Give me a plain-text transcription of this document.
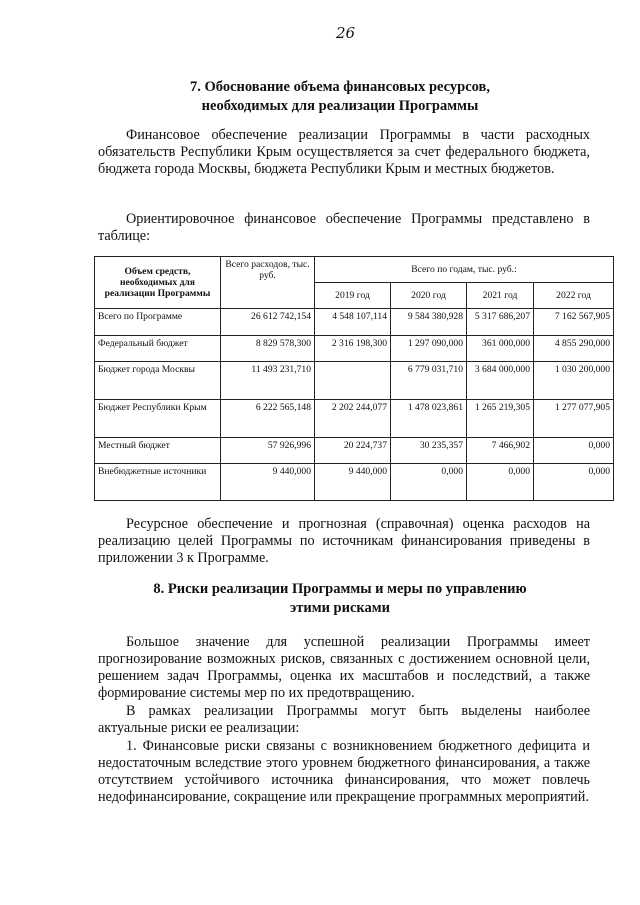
26
7. Обоснование объема финансовых ресурсов,
необходимых для реализации Программы
Финансовое обеспечение реализации Программы в части расходных обязательств Республики Крым осуществляется за счет федерального бюджета, бюджета города Москвы, бюджета Республики Крым и местных бюджетов.
Ориентировочное финансовое обеспечение Программы представлено в таблице:
Объем средств, необходимых для реализации Программы	Всего расходов, тыс. руб.	Всего по годам, тыс. руб.:			
		2019 год	2020 год	2021 год	2022 год
Всего по Программе	26 612 742,154	4 548 107,114	9 584 380,928	5 317 686,207	7 162 567,905
Федеральный бюджет	8 829 578,300	2 316 198,300	1 297 090,000	361 000,000	4 855 290,000
Бюджет города Москвы	11 493 231,710		6 779 031,710	3 684 000,000	1 030 200,000
Бюджет Республики Крым	6 222 565,148	2 202 244,077	1 478 023,861	1 265 219,305	1 277 077,905
Местный бюджет	57 926,996	20 224,737	30 235,357	7 466,902	0,000
Внебюджетные источники	9 440,000	9 440,000	0,000	0,000	0,000
Ресурсное обеспечение и прогнозная (справочная) оценка расходов на реализацию целей Программы по источникам финансирования приведены в приложении 3 к Программе.
8. Риски реализации Программы и меры по управлению
этими рисками
Большое значение для успешной реализации Программы имеет прогнозирование возможных рисков, связанных с достижением основной цели, решением задач Программы, оценка их масштабов и последствий, а также формирование системы мер по их предотвращению.
В рамках реализации Программы могут быть выделены наиболее актуальные риски ее реализации:
1. Финансовые риски связаны с возникновением бюджетного дефицита и недостаточным вследствие этого уровнем бюджетного финансирования, а также отсутствием устойчивого источника финансирования, что может повлечь недофинансирование, сокращение или прекращение программных мероприятий.
